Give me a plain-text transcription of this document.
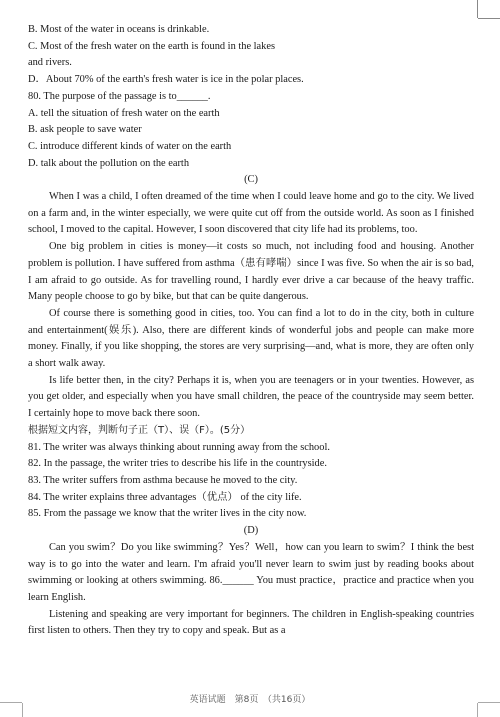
B. Most of the water in oceans is drinkable.
C. Most of the fresh water on the earth is found in the lakes
and rivers.
D．About 70% of the earth's fresh water is ice in the polar places.
80. The purpose of the passage is to______.
A. tell the situation of fresh water on the earth
B. ask people to save water
C. introduce different kinds of water on the earth
D. talk about the pollution on the earth
(C)
When I was a child, I often dreamed of the time when I could leave home and go to the city. We lived on a farm and, in the winter especially, we were quite cut off from the outside world. As soon as I finished school, I moved to the capital. However, I soon discovered that city life had its problems, too.
One big problem in cities is money—it costs so much, not including food and housing. Another problem is pollution. I have suffered from asthma（患有哮喘）since I was five. So when the air is so bad, I am afraid to go outside. As for travelling round, I hardly ever drive a car because of the heavy traffic. Many people choose to go by bike, but that can be quite dangerous.
Of course there is something good in cities, too. You can find a lot to do in the city, both in culture and entertainment(娱乐). Also, there are different kinds of wonderful jobs and people can make more money. Finally, if you like shopping, the stores are very surprising—and, what is more, they are often only a short walk away.
Is life better then, in the city? Perhaps it is, when you are teenagers or in your twenties. However, as you get older, and especially when you have small children, the peace of the countryside may seem better. I certainly hope to move back there soon.
根据短文内容，判断句子正（T）、误（F）。(5分）
81. The writer was always thinking about running away from the school.
82. In the passage, the writer tries to describe his life in the countryside.
83. The writer suffers from asthma because he moved to the city.
84. The writer explains three advantages（优点） of the city life.
85. From the passage we know that the writer lives in the city now.
(D)
Can you swim？Do you like swimming？Yes？Well，how can you learn to swim？I think the best way is to go into the water and learn. I'm afraid you'll never learn to swim just by reading books about swimming or looking at others swimming. 86.______ You must practice，practice and practice when you learn English.
Listening and speaking are very important for beginners. The children in English-speaking countries first listen to others. Then they try to copy and speak. But as a
英语试题　第8页　（共16页）
